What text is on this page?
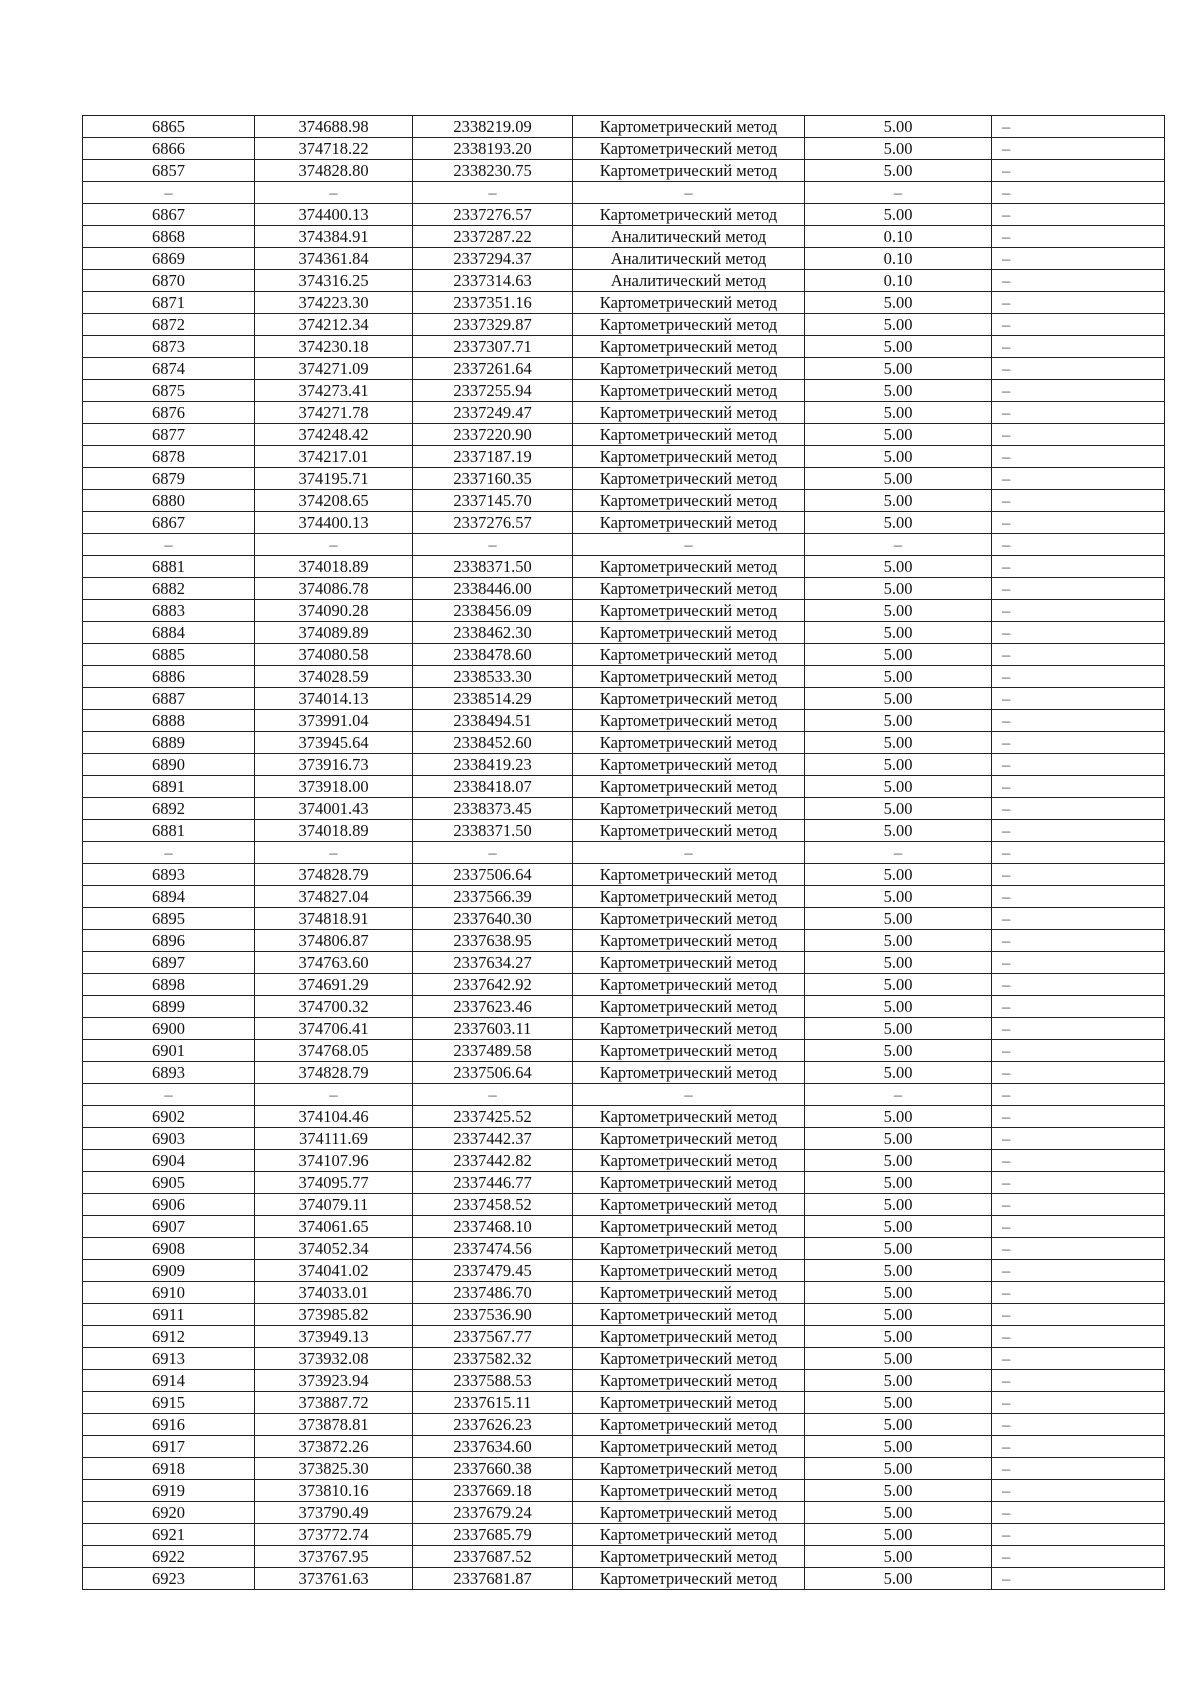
6865	374688.98	2338219.09	Картометрический метод	5.00	–
6866	374718.22	2338193.20	Картометрический метод	5.00	–
6857	374828.80	2338230.75	Картометрический метод	5.00	–
–	–	–	–	–	–
6867	374400.13	2337276.57	Картометрический метод	5.00	–
6868	374384.91	2337287.22	Аналитический метод	0.10	–
6869	374361.84	2337294.37	Аналитический метод	0.10	–
6870	374316.25	2337314.63	Аналитический метод	0.10	–
6871	374223.30	2337351.16	Картометрический метод	5.00	–
6872	374212.34	2337329.87	Картометрический метод	5.00	–
6873	374230.18	2337307.71	Картометрический метод	5.00	–
6874	374271.09	2337261.64	Картометрический метод	5.00	–
6875	374273.41	2337255.94	Картометрический метод	5.00	–
6876	374271.78	2337249.47	Картометрический метод	5.00	–
6877	374248.42	2337220.90	Картометрический метод	5.00	–
6878	374217.01	2337187.19	Картометрический метод	5.00	–
6879	374195.71	2337160.35	Картометрический метод	5.00	–
6880	374208.65	2337145.70	Картометрический метод	5.00	–
6867	374400.13	2337276.57	Картометрический метод	5.00	–
–	–	–	–	–	–
6881	374018.89	2338371.50	Картометрический метод	5.00	–
6882	374086.78	2338446.00	Картометрический метод	5.00	–
6883	374090.28	2338456.09	Картометрический метод	5.00	–
6884	374089.89	2338462.30	Картометрический метод	5.00	–
6885	374080.58	2338478.60	Картометрический метод	5.00	–
6886	374028.59	2338533.30	Картометрический метод	5.00	–
6887	374014.13	2338514.29	Картометрический метод	5.00	–
6888	373991.04	2338494.51	Картометрический метод	5.00	–
6889	373945.64	2338452.60	Картометрический метод	5.00	–
6890	373916.73	2338419.23	Картометрический метод	5.00	–
6891	373918.00	2338418.07	Картометрический метод	5.00	–
6892	374001.43	2338373.45	Картометрический метод	5.00	–
6881	374018.89	2338371.50	Картометрический метод	5.00	–
–	–	–	–	–	–
6893	374828.79	2337506.64	Картометрический метод	5.00	–
6894	374827.04	2337566.39	Картометрический метод	5.00	–
6895	374818.91	2337640.30	Картометрический метод	5.00	–
6896	374806.87	2337638.95	Картометрический метод	5.00	–
6897	374763.60	2337634.27	Картометрический метод	5.00	–
6898	374691.29	2337642.92	Картометрический метод	5.00	–
6899	374700.32	2337623.46	Картометрический метод	5.00	–
6900	374706.41	2337603.11	Картометрический метод	5.00	–
6901	374768.05	2337489.58	Картометрический метод	5.00	–
6893	374828.79	2337506.64	Картометрический метод	5.00	–
–	–	–	–	–	–
6902	374104.46	2337425.52	Картометрический метод	5.00	–
6903	374111.69	2337442.37	Картометрический метод	5.00	–
6904	374107.96	2337442.82	Картометрический метод	5.00	–
6905	374095.77	2337446.77	Картометрический метод	5.00	–
6906	374079.11	2337458.52	Картометрический метод	5.00	–
6907	374061.65	2337468.10	Картометрический метод	5.00	–
6908	374052.34	2337474.56	Картометрический метод	5.00	–
6909	374041.02	2337479.45	Картометрический метод	5.00	–
6910	374033.01	2337486.70	Картометрический метод	5.00	–
6911	373985.82	2337536.90	Картометрический метод	5.00	–
6912	373949.13	2337567.77	Картометрический метод	5.00	–
6913	373932.08	2337582.32	Картометрический метод	5.00	–
6914	373923.94	2337588.53	Картометрический метод	5.00	–
6915	373887.72	2337615.11	Картометрический метод	5.00	–
6916	373878.81	2337626.23	Картометрический метод	5.00	–
6917	373872.26	2337634.60	Картометрический метод	5.00	–
6918	373825.30	2337660.38	Картометрический метод	5.00	–
6919	373810.16	2337669.18	Картометрический метод	5.00	–
6920	373790.49	2337679.24	Картометрический метод	5.00	–
6921	373772.74	2337685.79	Картометрический метод	5.00	–
6922	373767.95	2337687.52	Картометрический метод	5.00	–
6923	373761.63	2337681.87	Картометрический метод	5.00	–
